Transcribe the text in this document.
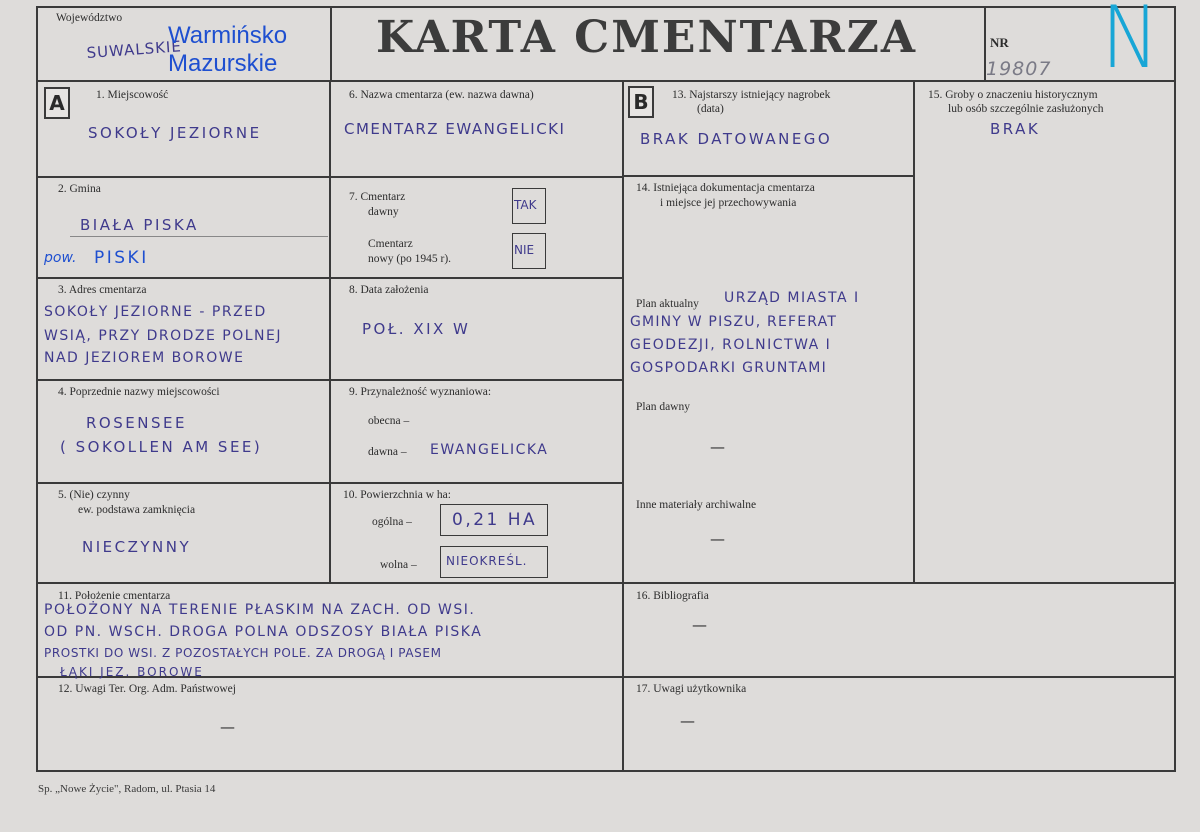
Województwo
SUWALSKIE
Warmińsko
Mazurskie
KARTA CMENTARZA	NR
19807 N
A	B
1. Miejscowość
SOKOŁY JEZIORNE
2. Gmina
BIAŁA PISKA
pow. PISKI
3. Adres cmentarza
SOKOŁY JEZIORNE - PRZED
WSIĄ, PRZY DRODZE POLNEJ
NAD JEZIOREM BOROWE
4. Poprzednie nazwy miejscowości
ROSENSEE
( SOKOLLEN AM SEE)
5. (Nie) czynny
ew. podstawa zamknięcia
NIECZYNNY
6. Nazwa cmentarza (ew. nazwa dawna)
CMENTARZ EWANGELICKI
7. Cmentarz
dawny	TAK
Cmentarz
nowy (po 1945 r).
NIE
8. Data założenia
POŁ. XIX W
9. Przynależność wyznaniowa:
obecna –
dawna – EWANGELICKA
10. Powierzchnia w ha:
ogólna – 0,21 HA
wolna – NIEOKREŚL.
11. Położenie cmentarza
POŁOŻONY NA TERENIE PŁASKIM NA ZACH. OD WSI.
OD PN. WSCH. DROGA POLNA ODSZOSY BIAŁA PISKA
PROSTKI DO WSI. Z POZOSTAŁYCH POLE. ZA DROGĄ I PASEM
ŁĄKI JEZ. BOROWE
12. Uwagi Ter. Org. Adm. Państwowej
—
13. Najstarszy istniejący nagrobek
(data)
BRAK DATOWANEGO
14. Istniejąca dokumentacja cmentarza
i miejsce jej przechowywania
Plan aktualny URZĄD MIASTA I
GMINY W PISZU, REFERAT
GEODEZJI, ROLNICTWA I
GOSPODARKI GRUNTAMI
Plan dawny
—
Inne materiały archiwalne
—
15. Groby o znaczeniu historycznym
lub osób szczególnie zasłużonych
BRAK
16. Bibliografia
—
17. Uwagi użytkownika
—
Sp. „Nowe Życie", Radom, ul. Ptasia 14
